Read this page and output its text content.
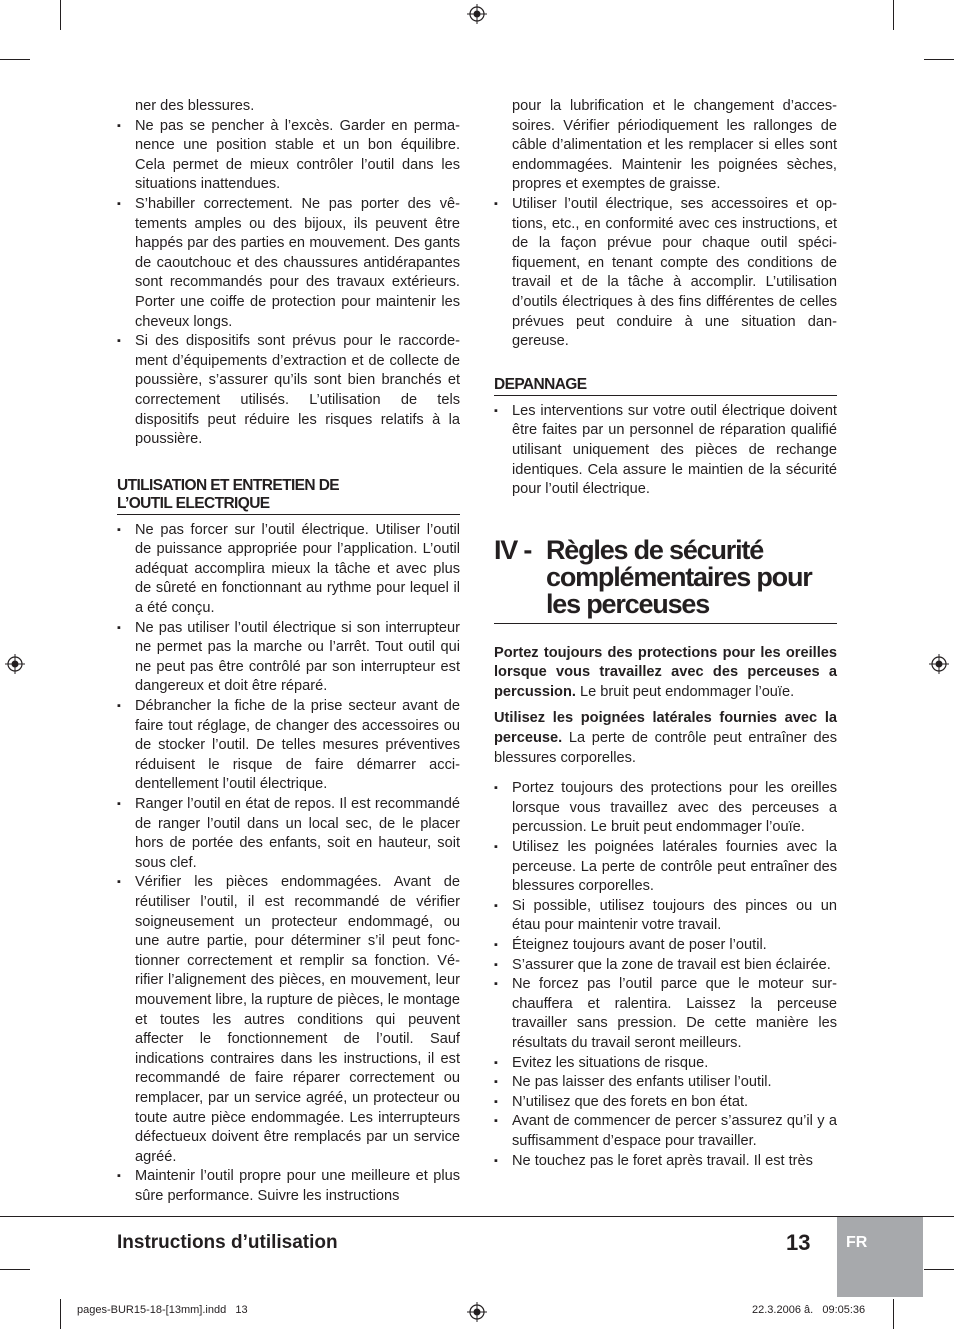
ner des blessures.

▪ Ne pas se pencher à l’excès. Garder en permanence une position stable et un bon équilibre. Cela permet de mieux contrôler l’outil dans les situations inattendues.
▪ S’habiller correctement. Ne pas porter des vêtements amples ou des bijoux, ils peuvent être happés par des parties en mouvement. Des gants de caoutchouc et des chaussures antidérapantes sont recommandés pour des travaux extérieurs. Porter une coiffe de protection pour maintenir les cheveux longs.
▪ Si des dispositifs sont prévus pour le raccordement d’équipements d’extraction et de collecte de poussière, s’assurer qu’ils sont bien branchés et correctement utilisés. L’utilisation de tels dispositifs peut réduire les risques relatifs à la poussière.
UTILISATION ET ENTRETIEN DE
L’OUTIL ELECTRIQUE
▪ Ne pas forcer sur l’outil électrique. Utiliser l’outil de puissance appropriée pour l’application. L’outil adéquat accomplira mieux la tâche et avec plus de sûreté en fonctionnant au rythme pour lequel il a été conçu.
▪ Ne pas utiliser l’outil électrique si son interrupteur ne permet pas la marche ou l’arrêt. Tout outil qui ne peut pas être contrôlé par son interrupteur est dangereux et doit être réparé.
▪ Débrancher la fiche de la prise secteur avant de faire tout réglage, de changer des accessoires ou de stocker l’outil. De telles mesures préventives réduisent le risque de faire démarrer accidentellement l’outil électrique.
▪ Ranger l’outil en état de repos. Il est recommandé de ranger l’outil dans un local sec, de le placer hors de portée des enfants, soit en hauteur, soit sous clef.
▪ Vérifier les pièces endommagées. Avant de réutiliser l’outil, il est recommandé de vérifier soigneusement un protecteur endommagé, ou une autre partie, pour déterminer s’il peut fonctionner correctement et remplir sa fonction. Vérifier l’alignement des pièces, en mouvement, leur mouvement libre, la rupture de pièces, le montage et toutes les autres conditions qui peuvent affecter le fonctionnement de l’outil. Sauf indications contraires dans les instructions, il est recommandé de faire réparer correctement ou remplacer, par un service agréé, un protecteur ou toute autre pièce endommagée. Les interrupteurs défectueux doivent être remplacés par un service agréé.
▪ Maintenir l’outil propre pour une meilleure et plus sûre performance. Suivre les instructions

pour la lubrification et le changement d’accessoires. Vérifier périodiquement les rallonges de câble d’alimentation et les remplacer si elles sont endommagées. Maintenir les poignées sèches, propres et exemptes de graisse.

▪ Utiliser l’outil électrique, ses accessoires et options, etc., en conformité avec ces instructions, et de la façon prévue pour chaque outil spécifiquement, en tenant compte des conditions de travail et de la tâche à accomplir. L’utilisation d’outils électriques à des fins différentes de celles prévues peut conduire à une situation dangereuse.
DEPANNAGE
▪ Les interventions sur votre outil électrique doivent être faites par un personnel de réparation qualifié utilisant uniquement des pièces de rechange identiques. Cela assure le maintien de la sécurité pour l’outil électrique.
IV - Règles de sécurité
complémentaires pour
les perceuses

Portez toujours des protections pour les oreilles lorsque vous travaillez avec des perceuses a percussion. Le bruit peut endommager l’ouïe.

Utilisez les poignées latérales fournies avec la perceuse. La perte de contrôle peut entraîner des blessures corporelles.

▪ Portez toujours des protections pour les oreilles lorsque vous travaillez avec des perceuses a percussion. Le bruit peut endommager l’ouïe.
▪ Utilisez les poignées latérales fournies avec la perceuse. La perte de contrôle peut entraîner des blessures corporelles.
▪ Si possible, utilisez toujours des pinces ou un étau pour maintenir votre travail.
▪ Éteignez toujours avant de poser l’outil.
▪ S’assurer que la zone de travail est bien éclairée.
▪ Ne forcez pas l’outil parce que le moteur surchauffera et ralentira. Laissez la perceuse travailler sans pression. De cette manière les résultats du travail seront meilleurs.
▪ Evitez les situations de risque.
▪ Ne pas laisser des enfants utiliser l’outil.
▪ N’utilisez que des forets en bon état.
▪ Avant de commencer de percer s’assurez qu’il y a suffisamment d’espace pour travailler.
▪ Ne touchez pas le foret après travail. Il est très
Instructions d’utilisation	13 FR
pages-BUR15-18-[13mm].indd   13	22.3.2006 â.   09:05:36
